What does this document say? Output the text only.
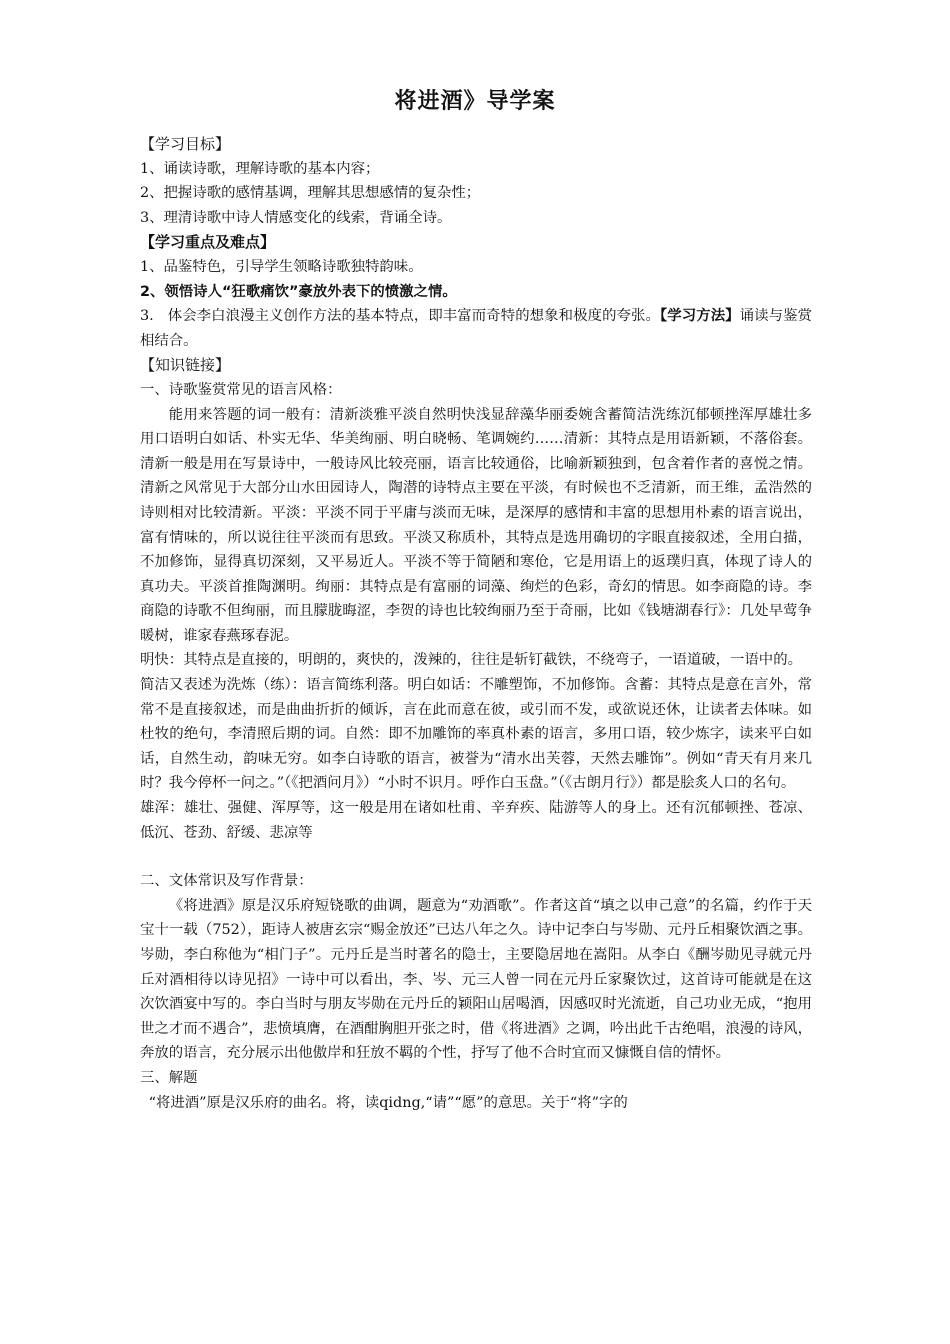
将进酒》导学案

【学习目标】

1、诵读诗歌，理解诗歌的基本内容；

2、把握诗歌的感情基调，理解其思想感情的复杂性；

3、理清诗歌中诗人情感变化的线索，背诵全诗。

【学习重点及难点】

1、品鉴特色，引导学生领略诗歌独特韵味。

2、领悟诗人“狂歌痛饮”豪放外表下的愤激之情。

3.   体会李白浪漫主义创作方法的基本特点，即丰富而奇特的想象和极度的夸张。【学习方法】诵读与鉴赏相结合。

【知识链接】

一、诗歌鉴赏常见的语言风格：

能用来答题的词一般有：清新淡雅平淡自然明快浅显辞藻华丽委婉含蓄简洁洗练沉郁顿挫浑厚雄壮多用口语明白如话、朴实无华、华美绚丽、明白晓畅、笔调婉约……清新：其特点是用语新颖，不落俗套。清新一般是用在写景诗中，一般诗风比较亮丽，语言比较通俗，比喻新颖独到，包含着作者的喜悦之情。清新之风常见于大部分山水田园诗人，陶潜的诗特点主要在平淡，有时候也不乏清新，而王维，孟浩然的诗则相对比较清新。平淡：平淡不同于平庸与淡而无味，是深厚的感情和丰富的思想用朴素的语言说出，富有情味的，所以说往往平淡而有思致。平淡又称质朴，其特点是选用确切的字眼直接叙述，全用白描，不加修饰，显得真切深刻，又平易近人。平淡不等于简陋和寒伧，它是用语上的返璞归真，体现了诗人的真功夫。平淡首推陶渊明。绚丽：其特点是有富丽的词藻、绚烂的色彩，奇幻的情思。如李商隐的诗。李商隐的诗歌不但绚丽，而且朦胧晦涩，李贺的诗也比较绚丽乃至于奇丽，比如《钱塘湖春行》：几处早莺争暖树，谁家春燕琢春泥。

明快：其特点是直接的，明朗的，爽快的，泼辣的，往往是斩钉截铁，不绕弯子，一语道破，一语中的。

简洁又表述为洗炼（练）：语言简练利落。明白如话：不雕塑饰，不加修饰。含蓄：其特点是意在言外，常常不是直接叙述，而是曲曲折折的倾诉，言在此而意在彼，或引而不发，或欲说还休，让读者去体味。如杜牧的绝句，李清照后期的词。自然：即不加雕饰的率真朴素的语言，多用口语，较少炼字，读来平白如话，自然生动，韵味无穷。如李白诗歌的语言，被誉为“清水出芙蓉，天然去雕饰”。例如“青天有月来几时？我今停杯一问之。”（《把酒问月》）“小时不识月。呼作白玉盘。”（《古朗月行》）都是脍炙人口的名句。

雄浑：雄壮、强健、浑厚等，这一般是用在诸如杜甫、辛弃疾、陆游等人的身上。还有沉郁顿挫、苍凉、低沉、苍劲、舒缓、悲凉等

二、文体常识及写作背景：

《将进酒》原是汉乐府短铙歌的曲调，题意为“劝酒歌”。作者这首“填之以申己意”的名篇，约作于天宝十一载（752），距诗人被唐玄宗“赐金放还”已达八年之久。诗中记李白与岑勋、元丹丘相聚饮酒之事。岑勋，李白称他为“相门子”。元丹丘是当时著名的隐士，主要隐居地在嵩阳。从李白《酬岑勋见寻就元丹丘对酒相待以诗见招》一诗中可以看出，李、岑、元三人曾一同在元丹丘家聚饮过，这首诗可能就是在这次饮酒宴中写的。李白当时与朋友岑勋在元丹丘的颖阳山居喝酒，因感叹时光流逝，自己功业无成，“抱用世之才而不遇合”，悲愤填膺，在酒酣胸胆开张之时，借《将进酒》之调，吟出此千古绝唱，浪漫的诗风，奔放的语言，充分展示出他傲岸和狂放不羁的个性，抒写了他不合时宜而又慷慨自信的情怀。

三、解题

“将进酒”原是汉乐府的曲名。将，读qidng,“请”“愿”的意思。关于“将”字的
